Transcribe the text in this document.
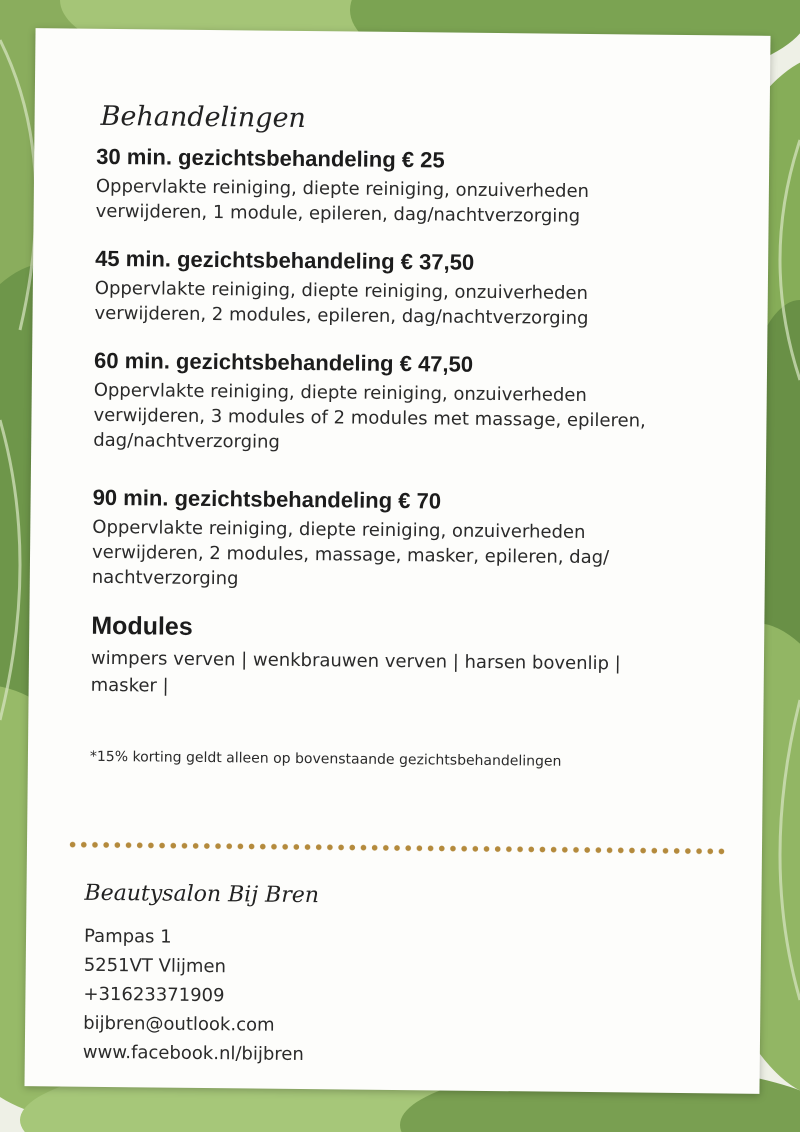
Behandelingen
30 min. gezichtsbehandeling € 25

Oppervlakte reiniging, diepte reiniging, onzuiverheden
verwijderen, 1 module, epileren, dag/nachtverzorging

45 min. gezichtsbehandeling € 37,50

Oppervlakte reiniging, diepte reiniging, onzuiverheden
verwijderen, 2 modules, epileren, dag/nachtverzorging

60 min. gezichtsbehandeling € 47,50

Oppervlakte reiniging, diepte reiniging, onzuiverheden
verwijderen, 3 modules of 2 modules met massage, epileren,
dag/nachtverzorging

90 min. gezichtsbehandeling € 70

Oppervlakte reiniging, diepte reiniging, onzuiverheden
verwijderen, 2 modules, massage, masker, epileren, dag/
nachtverzorging

Modules

wimpers verven | wenkbrauwen verven | harsen bovenlip |
masker |

*15% korting geldt alleen op bovenstaande gezichtsbehandelingen

Beautysalon Bij Bren

Pampas 1

5251VT Vlijmen

+31623371909

bijbren@outlook.com

www.facebook.nl/bijbren
